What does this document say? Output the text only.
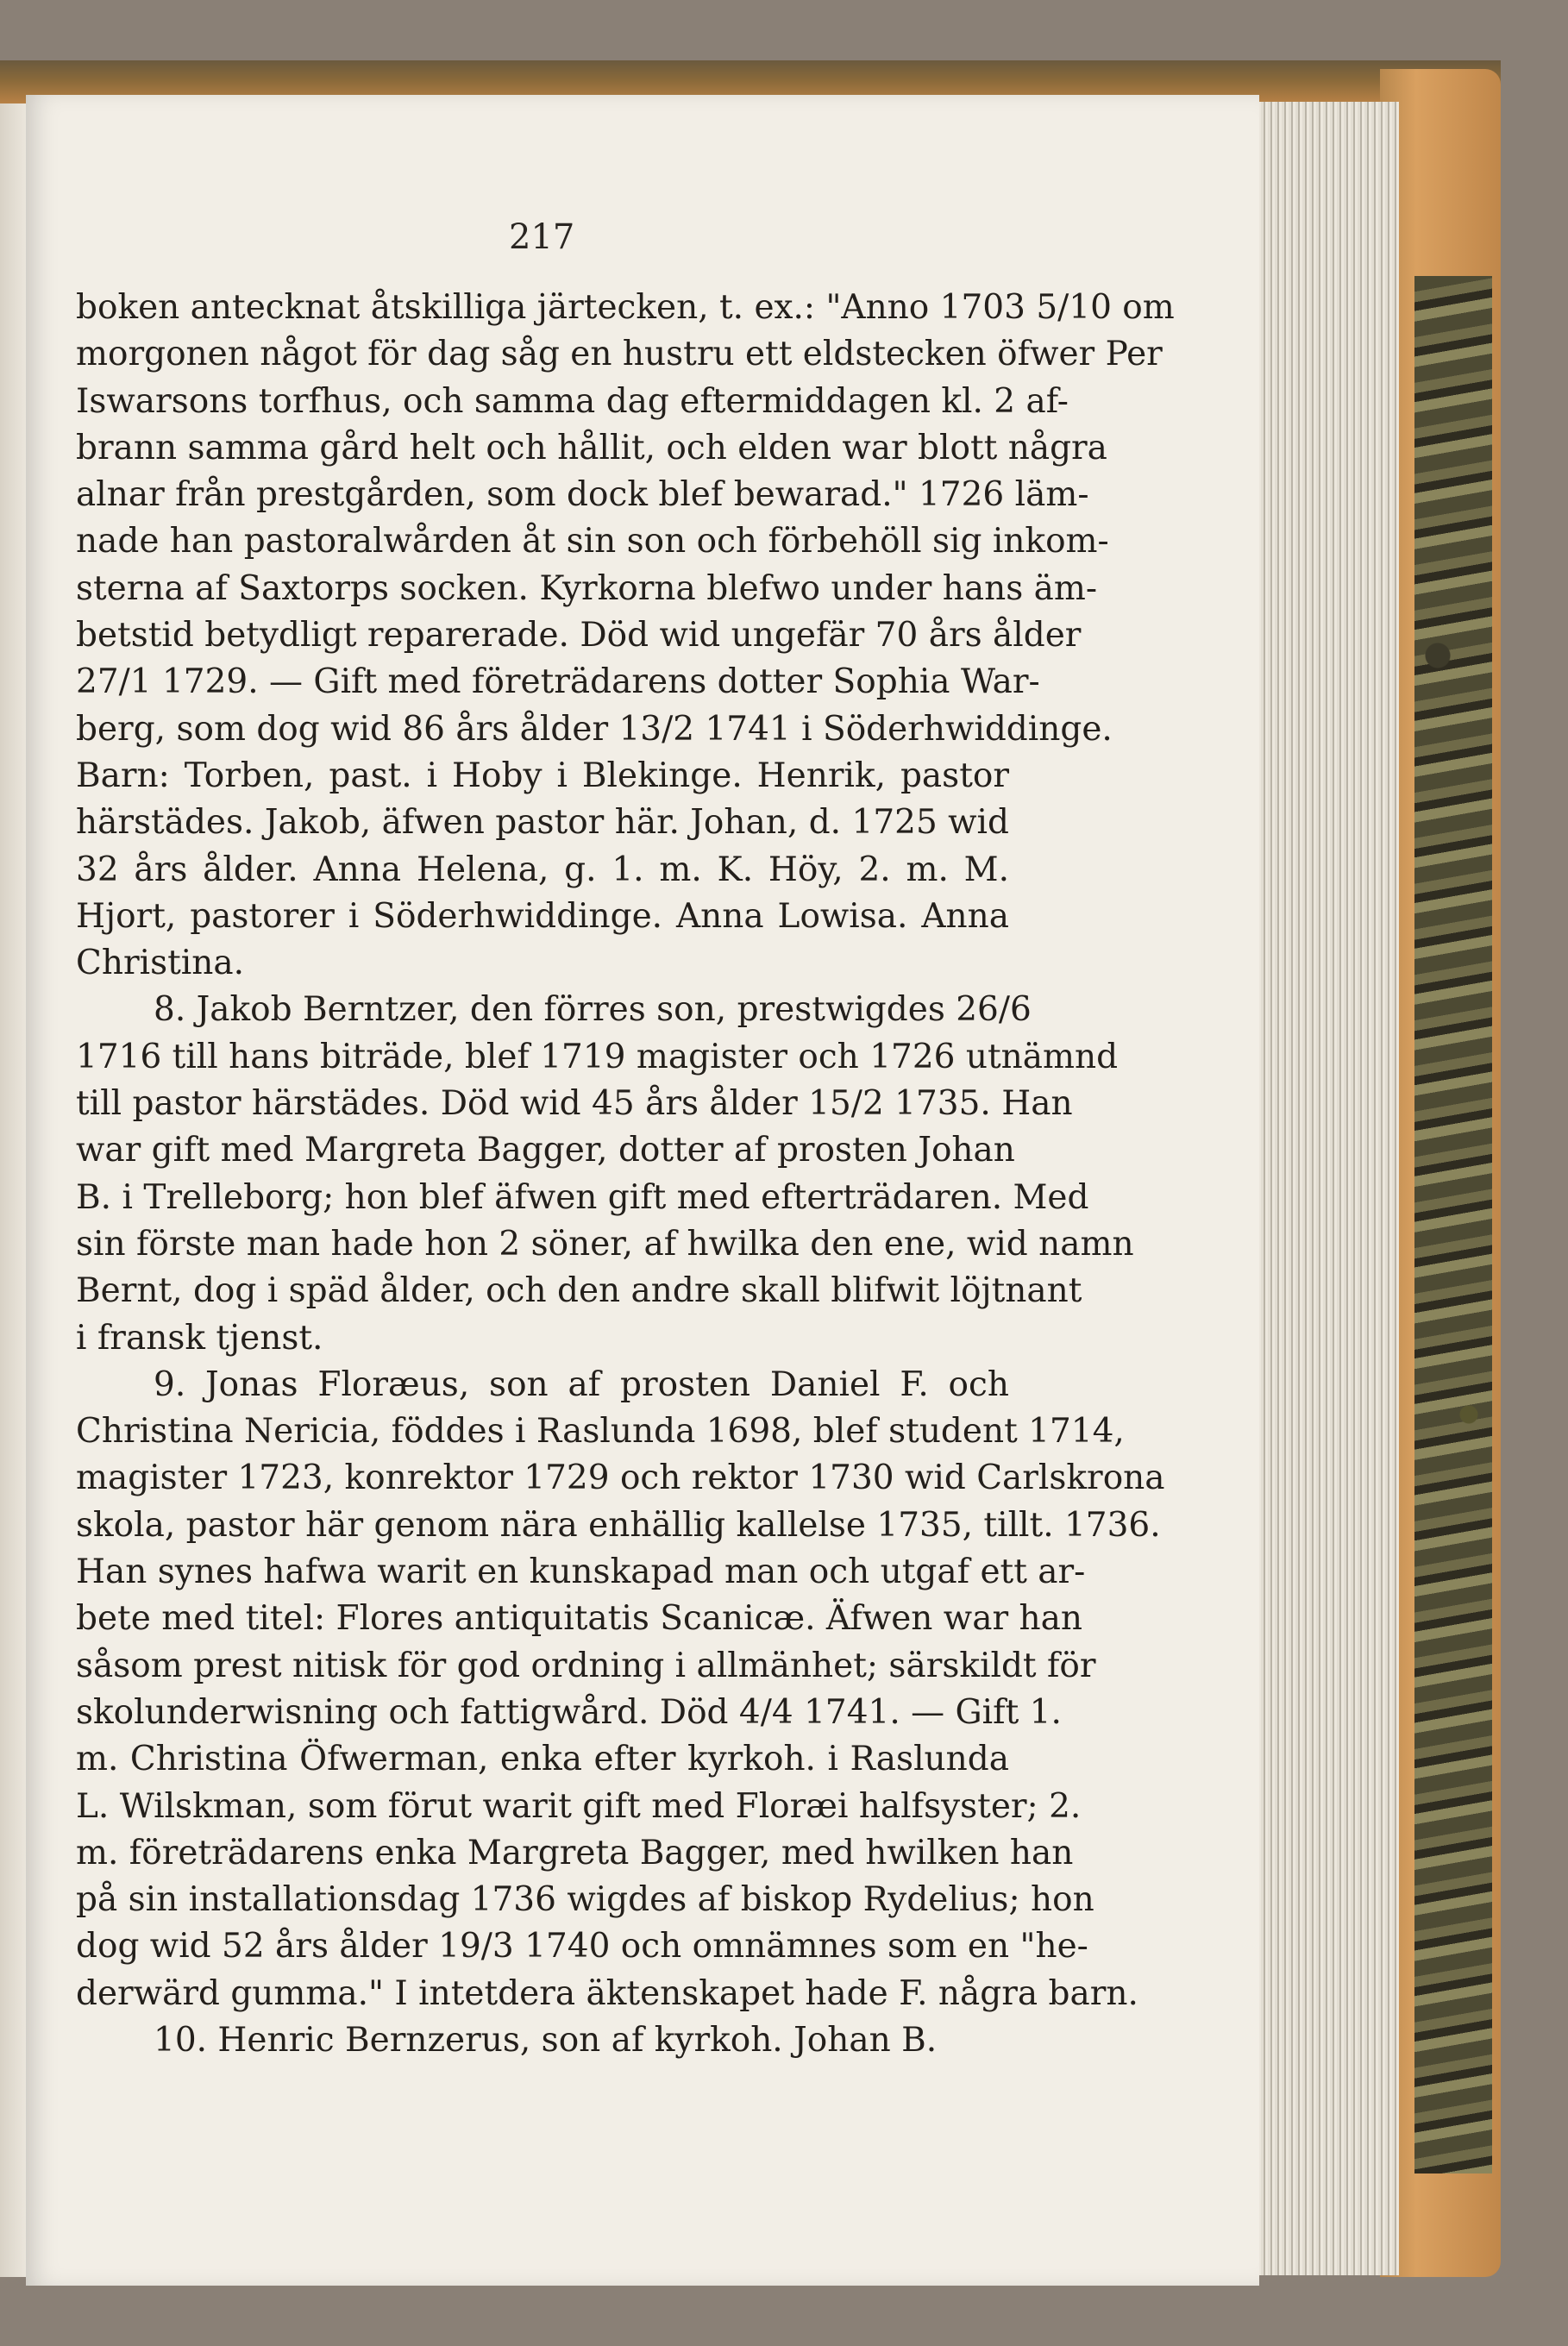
217
boken antecknat åtskilliga järtecken, t. ex.: "Anno 1703 5/10 om
morgonen något för dag såg en hustru ett eldstecken öfwer Per
Iswarsons torfhus, och samma dag eftermiddagen kl. 2 af-
brann samma gård helt och hållit, och elden war blott några
alnar från prestgården, som dock blef bewarad." 1726 läm-
nade han pastoralwården åt sin son och förbehöll sig inkom-
sterna af Saxtorps socken. Kyrkorna blefwo under hans äm-
betstid betydligt reparerade. Död wid ungefär 70 års ålder
27/1 1729. — Gift med företrädarens dotter Sophia War-
berg, som dog wid 86 års ålder 13/2 1741 i Söderhwiddinge.
Barn: Torben, past. i Hoby i Blekinge. Henrik, pastor
härstädes. Jakob, äfwen pastor här. Johan, d. 1725 wid
32 års ålder. Anna Helena, g. 1. m. K. Höy, 2. m. M.
Hjort, pastorer i Söderhwiddinge. Anna Lowisa. Anna
Christina.
8. Jakob Berntzer, den förres son, prestwigdes 26/6
1716 till hans biträde, blef 1719 magister och 1726 utnämnd
till pastor härstädes. Död wid 45 års ålder 15/2 1735. Han
war gift med Margreta Bagger, dotter af prosten Johan
B. i Trelleborg; hon blef äfwen gift med efterträdaren. Med
sin förste man hade hon 2 söner, af hwilka den ene, wid namn
Bernt, dog i späd ålder, och den andre skall blifwit löjtnant
i fransk tjenst.
9. Jonas Floræus, son af prosten Daniel F. och
Christina Nericia, föddes i Raslunda 1698, blef student 1714,
magister 1723, konrektor 1729 och rektor 1730 wid Carlskrona
skola, pastor här genom nära enhällig kallelse 1735, tillt. 1736.
Han synes hafwa warit en kunskapad man och utgaf ett ar-
bete med titel: Flores antiquitatis Scanicæ. Äfwen war han
såsom prest nitisk för god ordning i allmänhet; särskildt för
skolunderwisning och fattigwård. Död 4/4 1741. — Gift 1.
m. Christina Öfwerman, enka efter kyrkoh. i Raslunda
L. Wilskman, som förut warit gift med Floræi halfsyster; 2.
m. företrädarens enka Margreta Bagger, med hwilken han
på sin installationsdag 1736 wigdes af biskop Rydelius; hon
dog wid 52 års ålder 19/3 1740 och omnämnes som en "he-
derwärd gumma." I intetdera äktenskapet hade F. några barn.
10. Henric Bernzerus, son af kyrkoh. Johan B.
